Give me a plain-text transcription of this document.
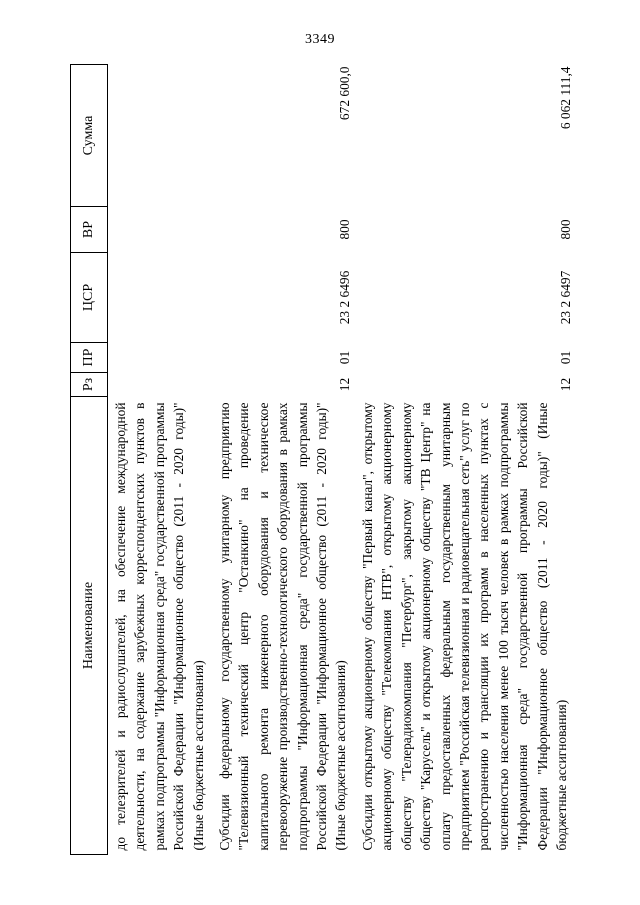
3349
Наименование	Рз	ПР	ЦСР	ВР	Сумма
до телезрителей и радиослушателей, на обеспечение международной деятельности, на содержание зарубежных корреспондентских пунктов в рамках подпрограммы "Информационная среда" государственной программы Российской Федерации "Информационное общество (2011 - 2020 годы)" (Иные бюджетные ассигнования)					
Субсидии федеральному государственному унитарному предприятию "Телевизионный технический центр "Останкино" на проведение капитального ремонта инженерного оборудования и техническое перевооружение производственно-технологического оборудования в рамках подпрограммы "Информационная среда" государственной программы Российской Федерации "Информационное общество (2011 - 2020 годы)" (Иные бюджетные ассигнования)	12	01	23 2 6496	800	672 600,0
Субсидии открытому акционерному обществу "Первый канал", открытому акционерному обществу "Телекомпания НТВ", открытому акционерному обществу "Телерадиокомпания "Петербург", закрытому акционерному обществу "Карусель" и открытому акционерному обществу "ТВ Центр" на оплату предоставленных федеральным государственным унитарным предприятием "Российская телевизионная и радиовещательная сеть" услуг по распространению и трансляции их программ в населенных пунктах с численностью населения менее 100 тысяч человек в рамках подпрограммы "Информационная среда" государственной программы Российской Федерации "Информационное общество (2011 - 2020 годы)" (Иные бюджетные ассигнования)	12	01	23 2 6497	800	6 062 111,4
